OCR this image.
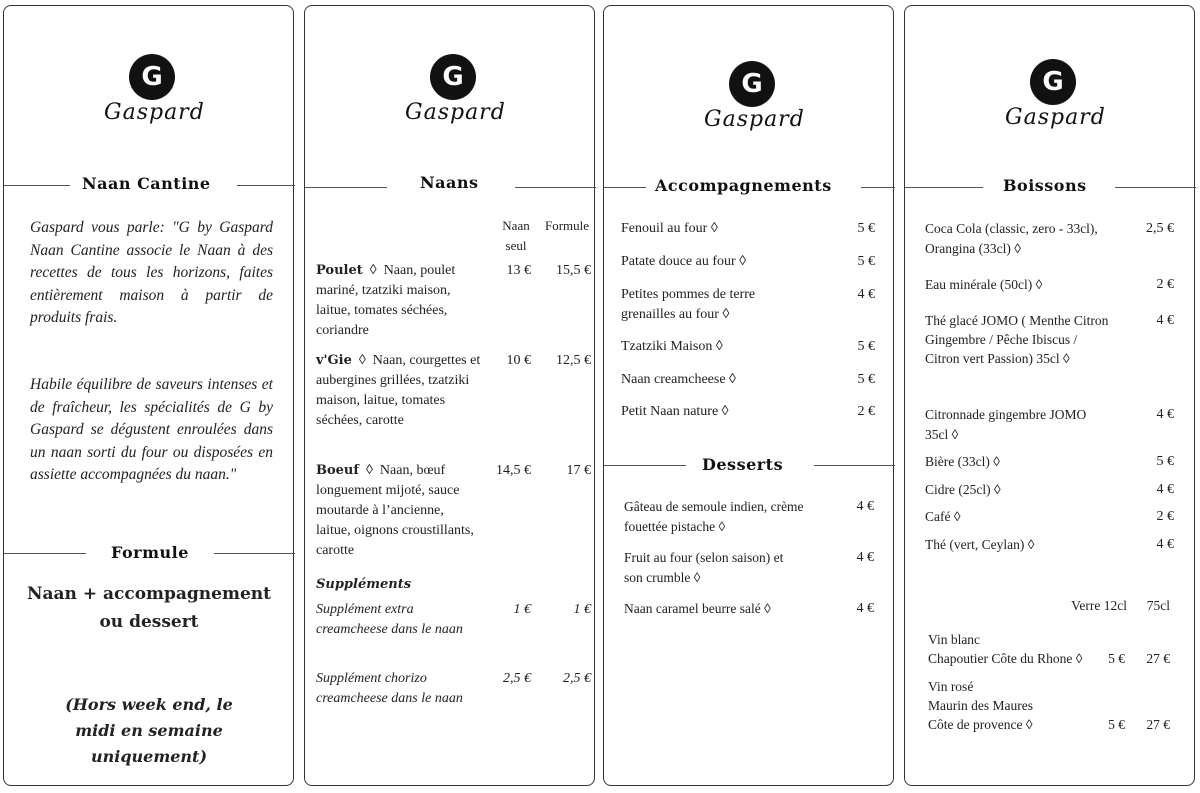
G
Gaspard
Naan Cantine
Gaspard vous parle: "G by Gaspard Naan Cantine associe le Naan à des recettes de tous les horizons, faites entièrement maison à partir de produits frais.
Habile équilibre de saveurs intenses et de fraîcheur, les spécialités de G by Gaspard se dégustent enroulées dans un naan sorti du four ou disposées en assiette accompagnées du naan."
Formule
Naan + accompagnement ou dessert
(Hors week end, le midi en semaine uniquement)
G
Gaspard
Naans
Naan seul
Formule
Poulet ◊ Naan, poulet mariné, tzatziki maison, laitue, tomates séchées, coriandre
13 €	15,5 €
v'Gie ◊ Naan, courgettes et aubergines grillées, tzatziki maison, laitue, tomates séchées, carotte
10 €	12,5 €
Boeuf ◊ Naan, bœuf longuement mijoté, sauce moutarde à l’ancienne, laitue, oignons croustillants, carotte
14,5 €	17 €
Suppléments
Supplément extra creamcheese dans le naan
1 €	1 €
Supplément chorizo creamcheese dans le naan
2,5 €	2,5 €
G
Gaspard
Accompagnements
Fenouil au four ◊	5 €
Patate douce au four ◊	5 €
Petites pommes de terre grenailles au four ◊
4 €
Tzatziki Maison ◊	5 €
Naan creamcheese ◊	5 €
Petit Naan nature ◊	2 €
Desserts
Gâteau de semoule indien, crème fouettée pistache ◊
4 €
Fruit au four (selon saison) et son crumble ◊
4 €
Naan caramel beurre salé ◊	4 €
G
Gaspard
Boissons
Coca Cola (classic, zero - 33cl), Orangina (33cl) ◊
2,5 €
Eau minérale (50cl) ◊	2 €
Thé glacé JOMO ( Menthe Citron Gingembre / Pêche Ibiscus / Citron vert Passion) 35cl ◊
4 €
Citronnade gingembre JOMO 35cl ◊
4 €
Bière (33cl) ◊	5 €
Cidre (25cl) ◊	4 €
Café ◊	2 €
Thé (vert, Ceylan) ◊	4 €
Verre 12cl	75cl
Vin blanc
Chapoutier Côte du Rhone ◊	5 €	27 €
Vin rosé
Maurin des Maures
Côte de provence ◊	5 €	27 €
